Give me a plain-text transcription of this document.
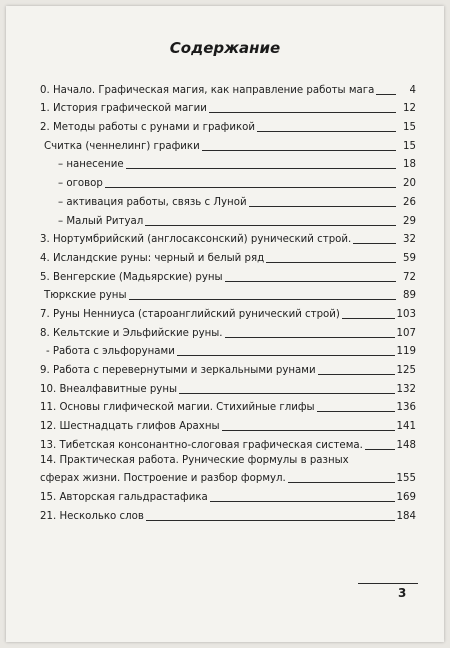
Содержание
0. Начало. Графическая магия, как направление работы мага	4
1. История графической магии	12
2. Методы работы с рунами и графикой	15
Считка (ченнелинг) графики	15
– нанесение	18
– оговор	20
– активация работы, связь с Луной	26
– Малый Ритуал	29
3. Нортумбрийский (англосаксонский) рунический строй.	32
4. Исландские руны: черный и белый ряд	59
5. Венгерские (Мадьярские) руны	72
Тюркские руны	89
7. Руны Ненниуса (староанглийский рунический строй)	103
8. Кельтские и Эльфийские руны.	107
- Работа с эльфорунами	119
9. Работа с перевернутыми и зеркальными рунами	125
10. Внеалфавитные руны	132
11. Основы глифической магии. Стихийные глифы	136
12. Шестнадцать глифов Арахны	141
13. Тибетская консонантно-слоговая графическая система.	148
14. Практическая работа. Рунические формулы в разных
сферах жизни. Построение и разбор формул.	155
15. Авторская гальдрастафика	169
21. Несколько слов	184
3
